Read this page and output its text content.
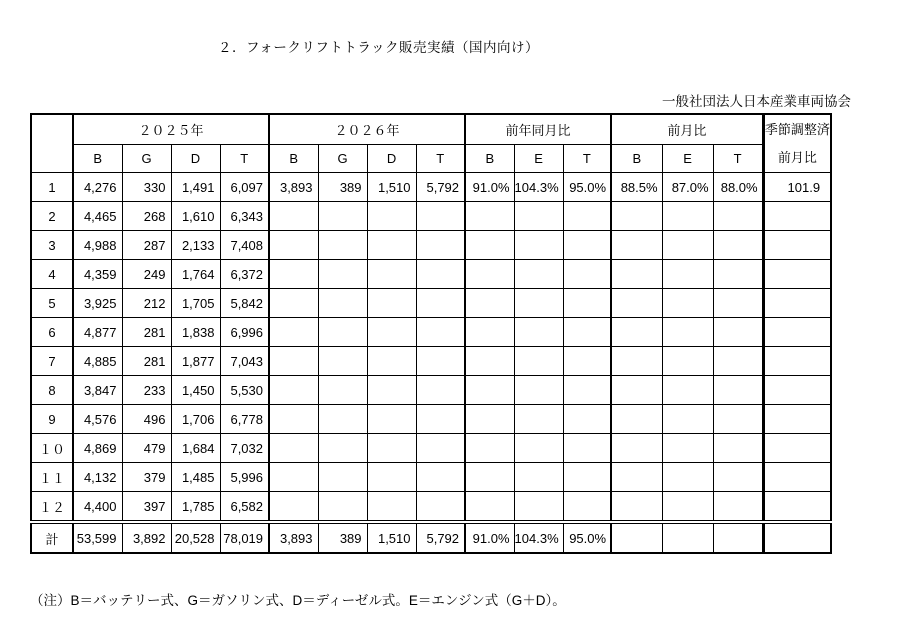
２．フォークリフトトラック販売実績（国内向け）
一般社団法人日本産業車両協会
	２０２５年				２０２６年				前年同月比			前月比			季節調整済
前月比

	B	G	D	T	B	G	D	T	B	E	T	B	E	T	
1	4,276	330	1,491	6,097	3,893	389	1,510	5,792	91.0%	104.3%	95.0%	88.5%	87.0%	88.0%	101.9
2	4,465	268	1,610	6,343											
3	4,988	287	2,133	7,408											
4	4,359	249	1,764	6,372											
5	3,925	212	1,705	5,842											
6	4,877	281	1,838	6,996											
7	4,885	281	1,877	7,043											
8	3,847	233	1,450	5,530											
9	4,576	496	1,706	6,778											
１０	4,869	479	1,684	7,032											
１１	4,132	379	1,485	5,996											
１２	4,400	397	1,785	6,582											
計	53,599	3,892	20,528	78,019	3,893	389	1,510	5,792	91.0%	104.3%	95.0%				
（注）B＝バッテリー式、G＝ガソリン式、D＝ディーゼル式。E＝エンジン式（G＋D）。
